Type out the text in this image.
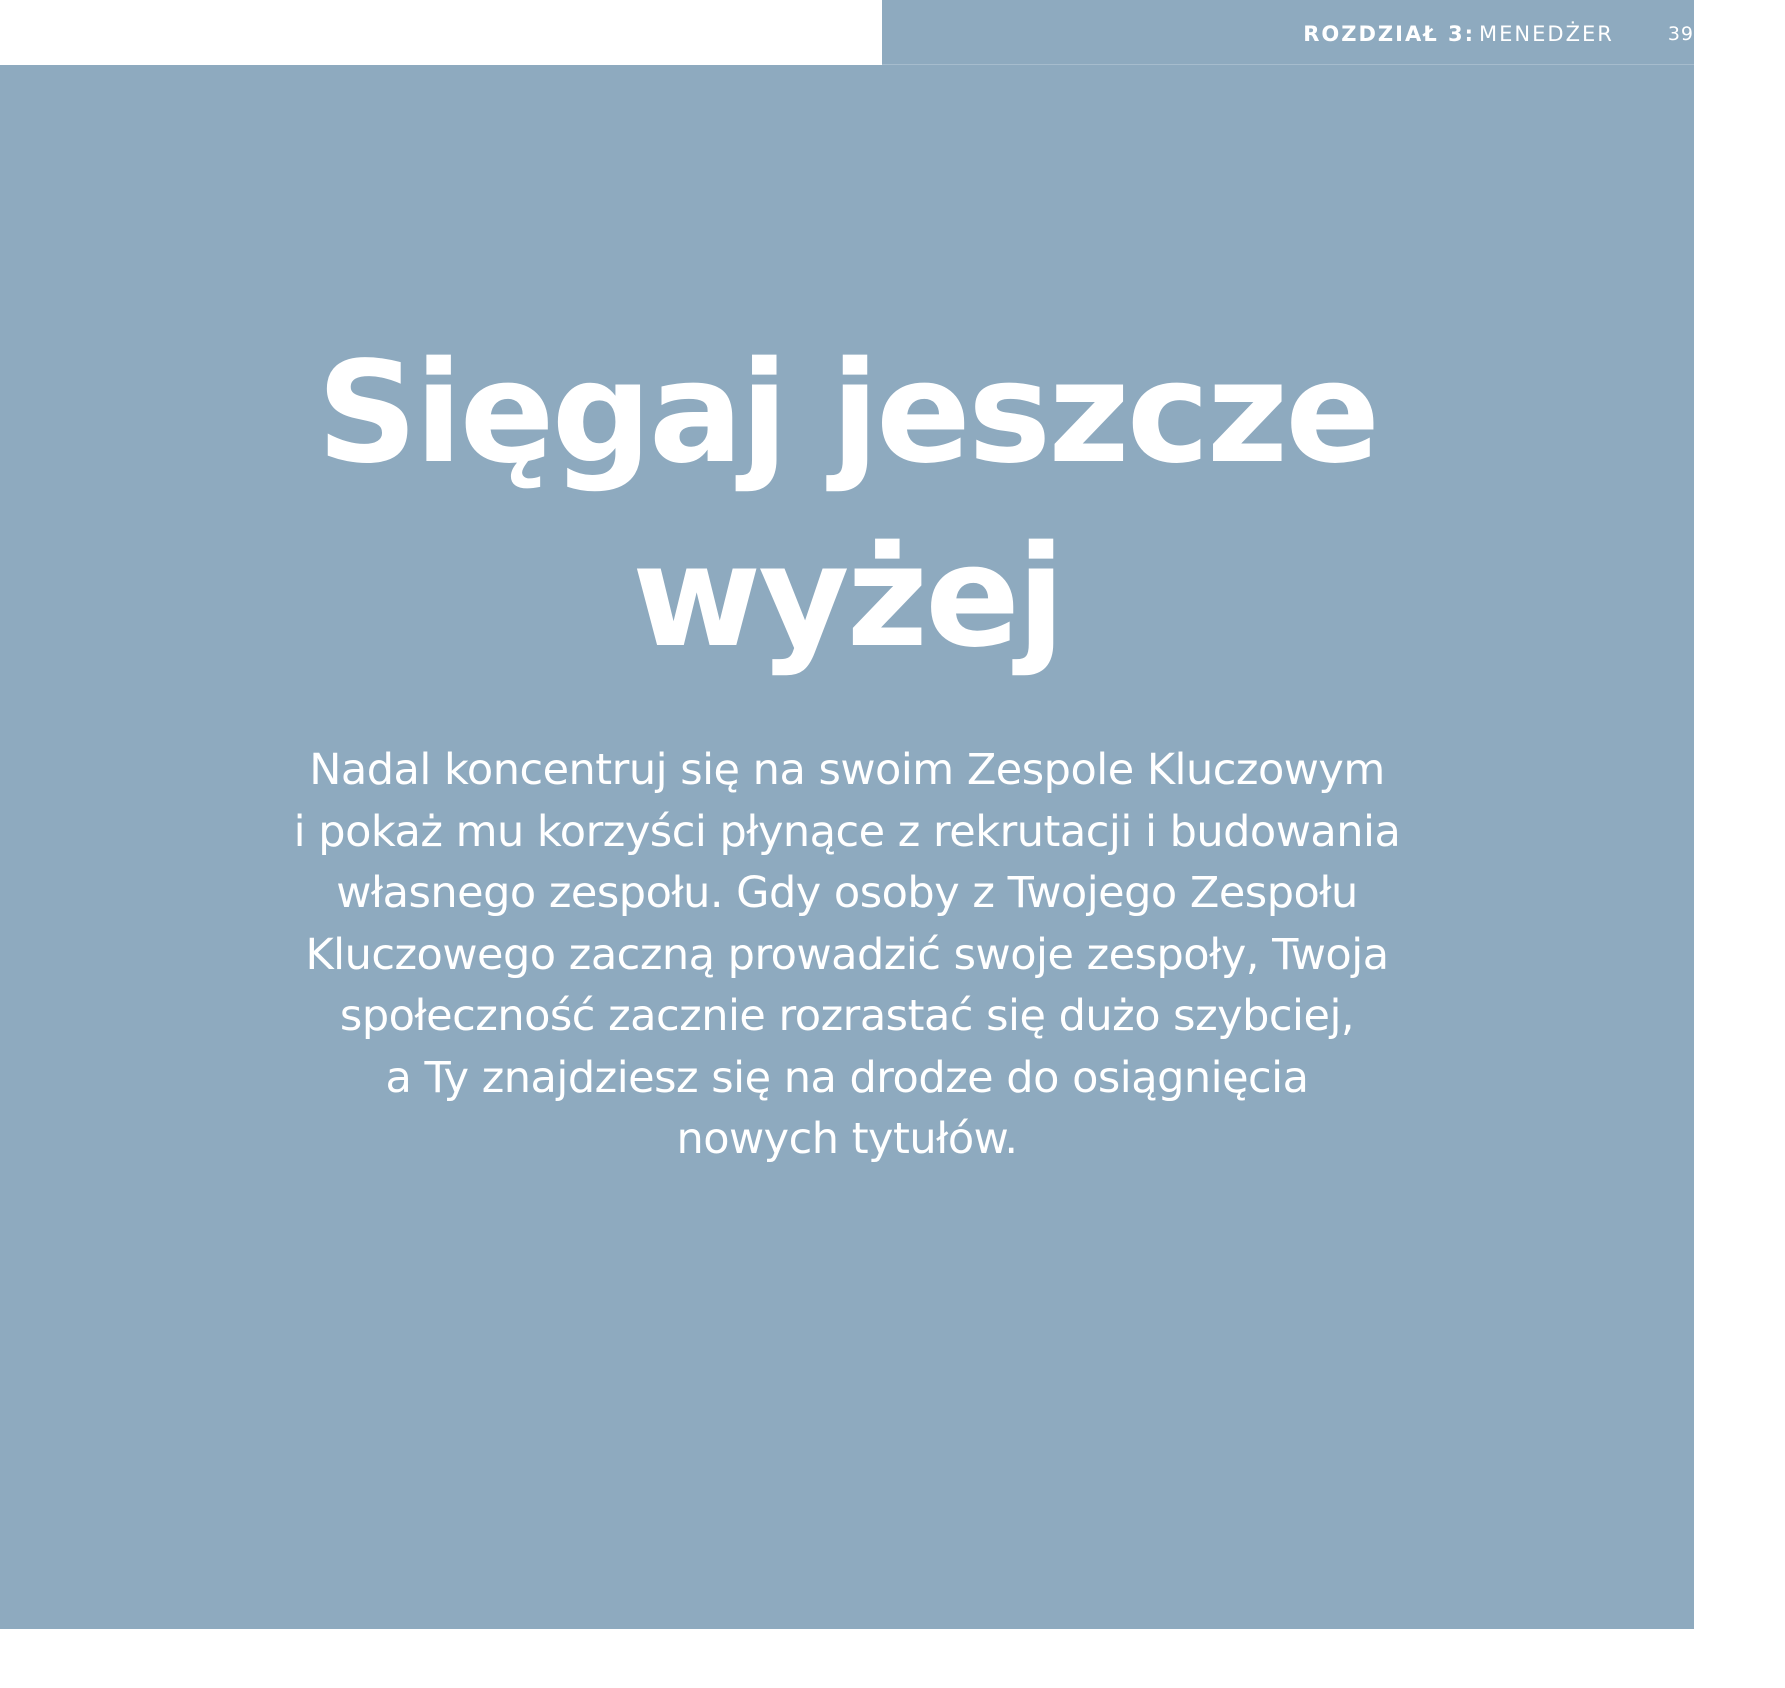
ROZDZIAŁ 3: MENEDŻER	39
Sięgaj jeszcze
wyżej

Nadal koncentruj się na swoim Zespole Kluczowym
i pokaż mu korzyści płynące z rekrutacji i budowania
własnego zespołu. Gdy osoby z Twojego Zespołu
Kluczowego zaczną prowadzić swoje zespoły, Twoja
społeczność zacznie rozrastać się dużo szybciej,
a Ty znajdziesz się na drodze do osiągnięcia
nowych tytułów.
